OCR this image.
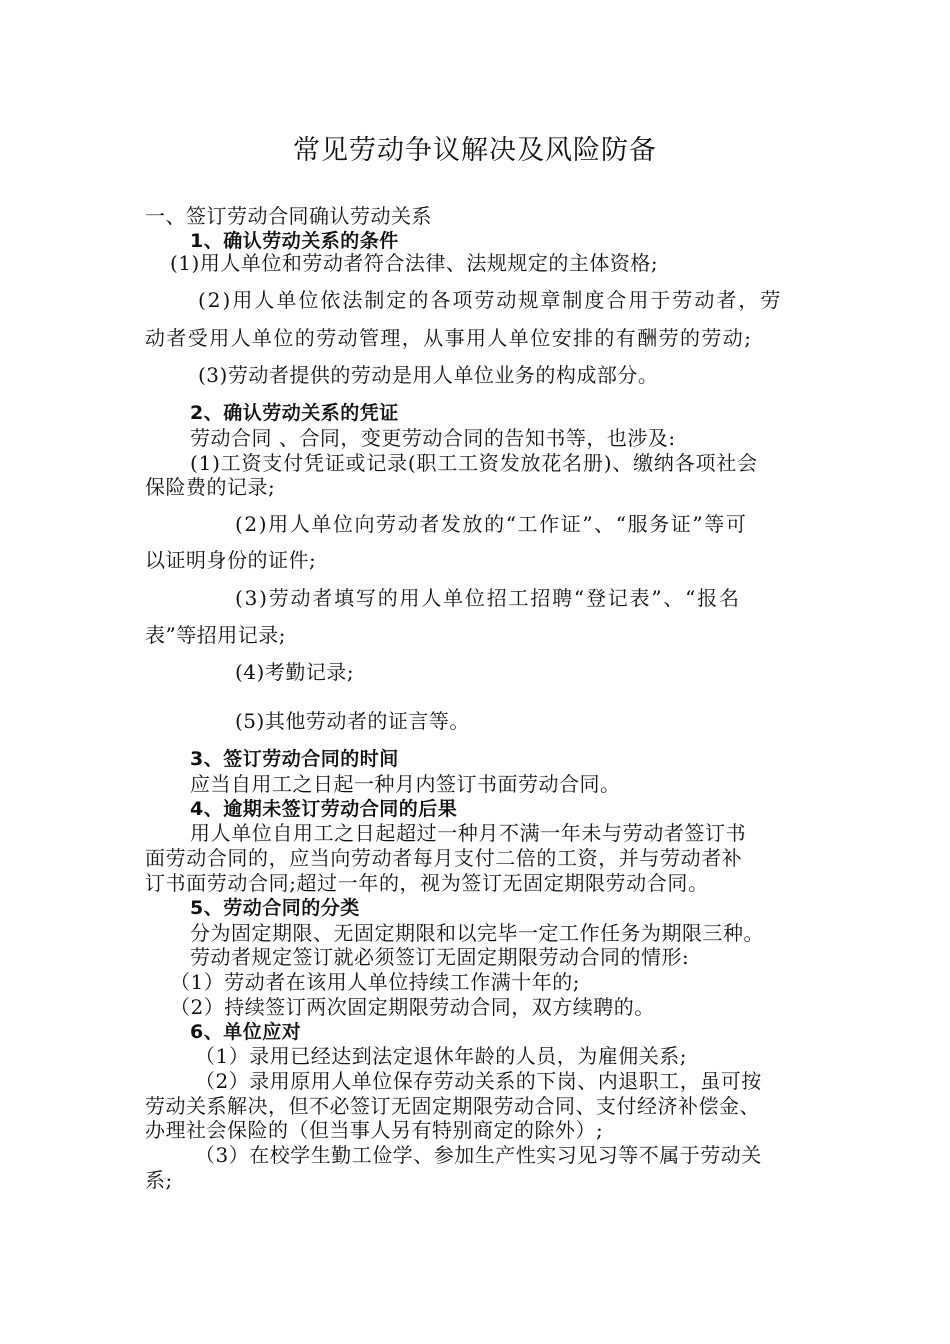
常见劳动争议解决及风险防备
一、签订劳动合同确认劳动关系
1、确认劳动关系的条件
(1)用人单位和劳动者符合法律、法规规定的主体资格;
(2)用人单位依法制定的各项劳动规章制度合用于劳动者，劳
动者受用人单位的劳动管理，从事用人单位安排的有酬劳的劳动;
(3)劳动者提供的劳动是用人单位业务的构成部分。
2、确认劳动关系的凭证
劳动合同 、合同，变更劳动合同的告知书等，也涉及:
(1)工资支付凭证或记录(职工工资发放花名册)、缴纳各项社会
保险费的记录;
(2)用人单位向劳动者发放的“工作证”、“服务证”等可
以证明身份的证件;
(3)劳动者填写的用人单位招工招聘“登记表”、“报名
表”等招用记录;
(4)考勤记录;
(5)其他劳动者的证言等。
3、签订劳动合同的时间
应当自用工之日起一种月内签订书面劳动合同。
4、逾期未签订劳动合同的后果
用人单位自用工之日起超过一种月不满一年未与劳动者签订书
面劳动合同的，应当向劳动者每月支付二倍的工资，并与劳动者补
订书面劳动合同;超过一年的，视为签订无固定期限劳动合同。
5、劳动合同的分类
分为固定期限、无固定期限和以完毕一定工作任务为期限三种。
劳动者规定签订就必须签订无固定期限劳动合同的情形:
（1）劳动者在该用人单位持续工作满十年的;
（2）持续签订两次固定期限劳动合同，双方续聘的。
6、单位应对
（1）录用已经达到法定退休年龄的人员，为雇佣关系;
（2）录用原用人单位保存劳动关系的下岗、内退职工，虽可按
劳动关系解决，但不必签订无固定期限劳动合同、支付经济补偿金、
办理社会保险的（但当事人另有特别商定的除外）;
（3）在校学生勤工俭学、参加生产性实习见习等不属于劳动关
系;
